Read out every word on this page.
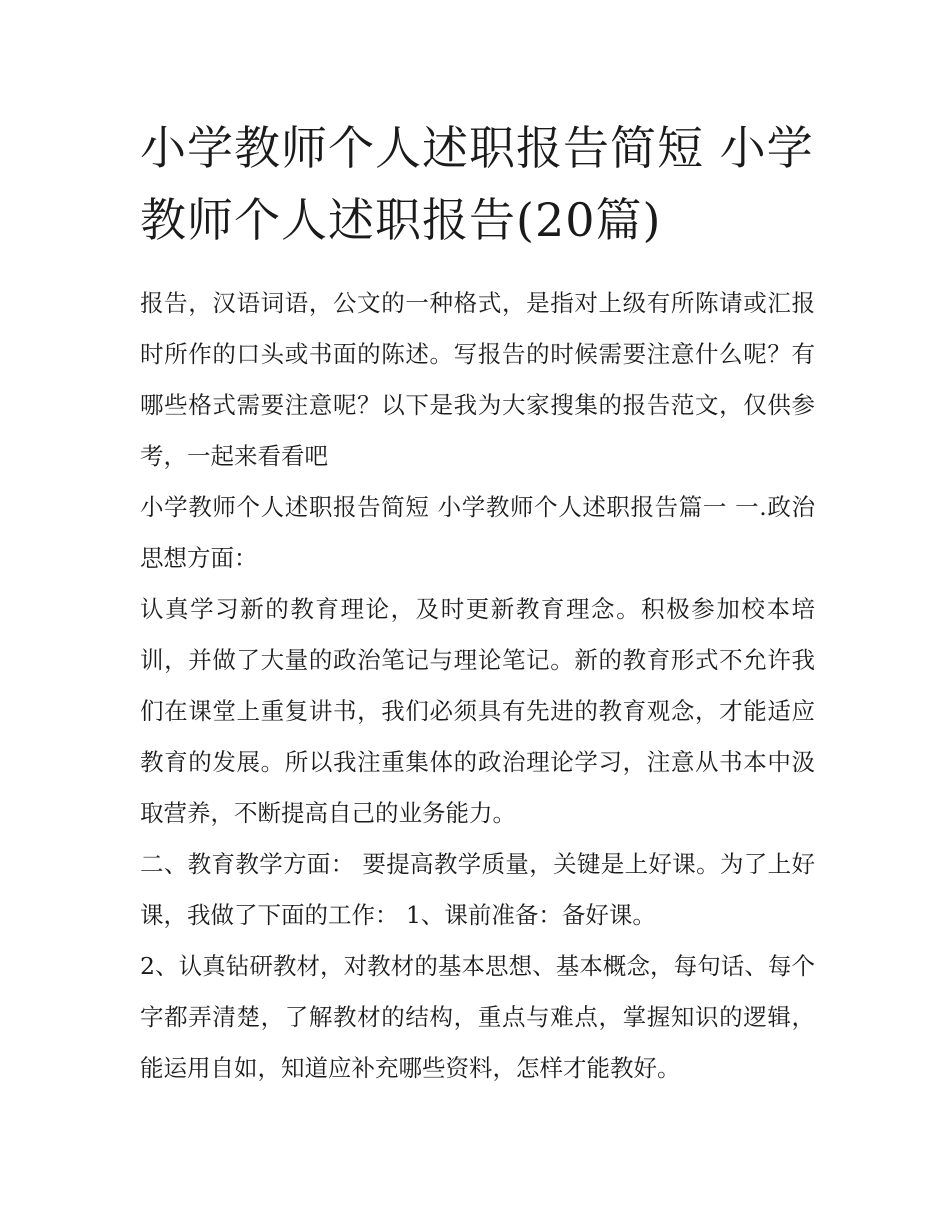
小学教师个人述职报告简短 小学教师个人述职报告(20篇)

报告，汉语词语，公文的一种格式，是指对上级有所陈请或汇报时所作的口头或书面的陈述。写报告的时候需要注意什么呢？有哪些格式需要注意呢？以下是我为大家搜集的报告范文，仅供参考，一起来看看吧

小学教师个人述职报告简短 小学教师个人述职报告篇一 一.政治思想方面：

认真学习新的教育理论，及时更新教育理念。积极参加校本培训，并做了大量的政治笔记与理论笔记。新的教育形式不允许我们在课堂上重复讲书，我们必须具有先进的教育观念，才能适应教育的发展。所以我注重集体的政治理论学习，注意从书本中汲取营养，不断提高自己的业务能力。

二、教育教学方面： 要提高教学质量，关键是上好课。为了上好课，我做了下面的工作： 1、课前准备：备好课。

2、认真钻研教材，对教材的基本思想、基本概念，每句话、每个字都弄清楚，了解教材的结构，重点与难点，掌握知识的逻辑，能运用自如，知道应补充哪些资料，怎样才能教好。
